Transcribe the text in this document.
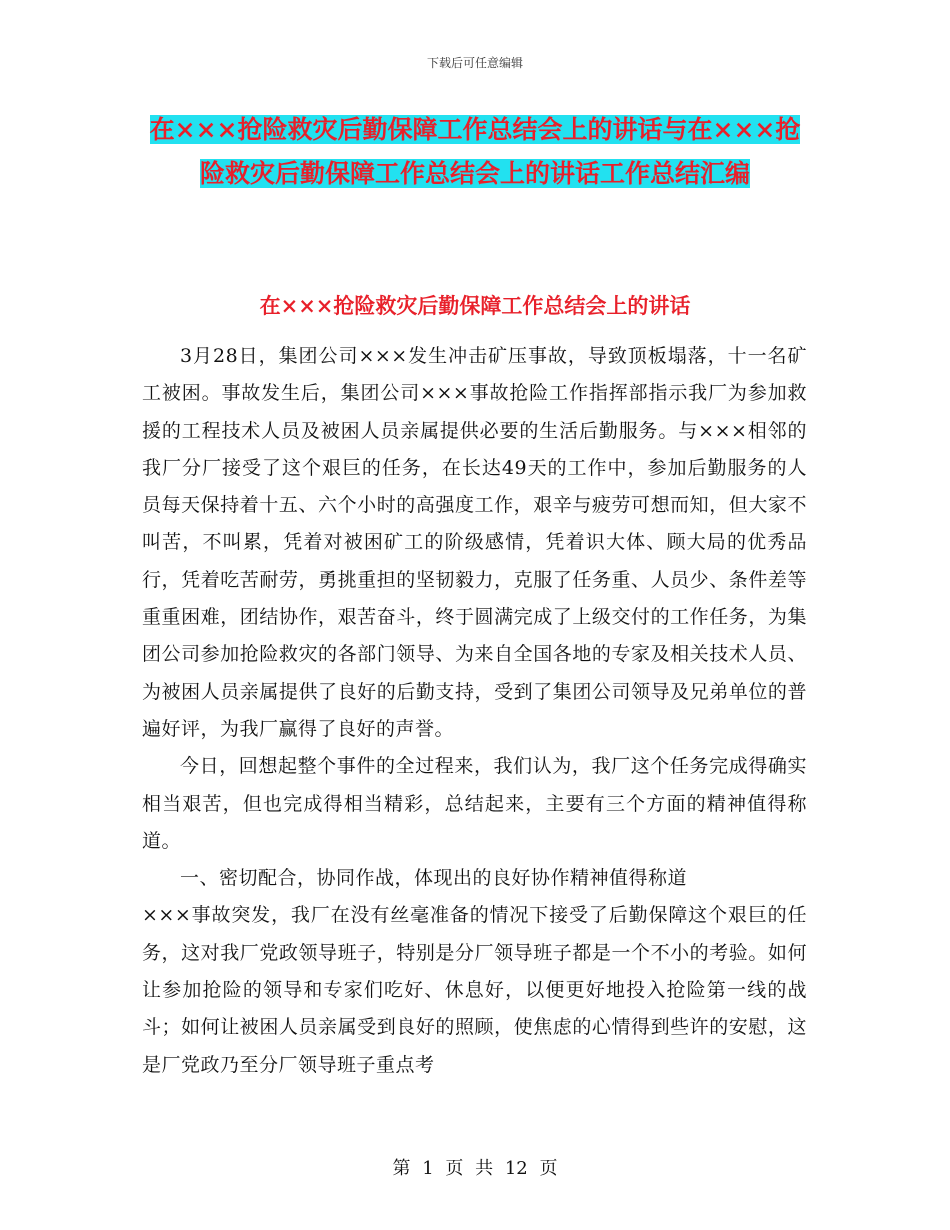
下载后可任意编辑
在×××抢险救灾后勤保障工作总结会上的讲话与在×××抢险救灾后勤保障工作总结会上的讲话工作总结汇编
在×××抢险救灾后勤保障工作总结会上的讲话

3月28日，集团公司×××发生冲击矿压事故，导致顶板塌落，十一名矿工被困。事故发生后，集团公司×××事故抢险工作指挥部指示我厂为参加救援的工程技术人员及被困人员亲属提供必要的生活后勤服务。与×××相邻的我厂分厂接受了这个艰巨的任务，在长达49天的工作中，参加后勤服务的人员每天保持着十五、六个小时的高强度工作，艰辛与疲劳可想而知，但大家不叫苦，不叫累，凭着对被困矿工的阶级感情，凭着识大体、顾大局的优秀品行，凭着吃苦耐劳，勇挑重担的坚韧毅力，克服了任务重、人员少、条件差等重重困难，团结协作，艰苦奋斗，终于圆满完成了上级交付的工作任务，为集团公司参加抢险救灾的各部门领导、为来自全国各地的专家及相关技术人员、为被困人员亲属提供了良好的后勤支持，受到了集团公司领导及兄弟单位的普遍好评，为我厂赢得了良好的声誉。

今日，回想起整个事件的全过程来，我们认为，我厂这个任务完成得确实相当艰苦，但也完成得相当精彩，总结起来，主要有三个方面的精神值得称道。

一、密切配合，协同作战，体现出的良好协作精神值得称道

×××事故突发，我厂在没有丝毫准备的情况下接受了后勤保障这个艰巨的任务，这对我厂党政领导班子，特别是分厂领导班子都是一个不小的考验。如何让参加抢险的领导和专家们吃好、休息好，以便更好地投入抢险第一线的战斗；如何让被困人员亲属受到良好的照顾，使焦虑的心情得到些许的安慰，这是厂党政乃至分厂领导班子重点考

第 1 页 共 12 页
